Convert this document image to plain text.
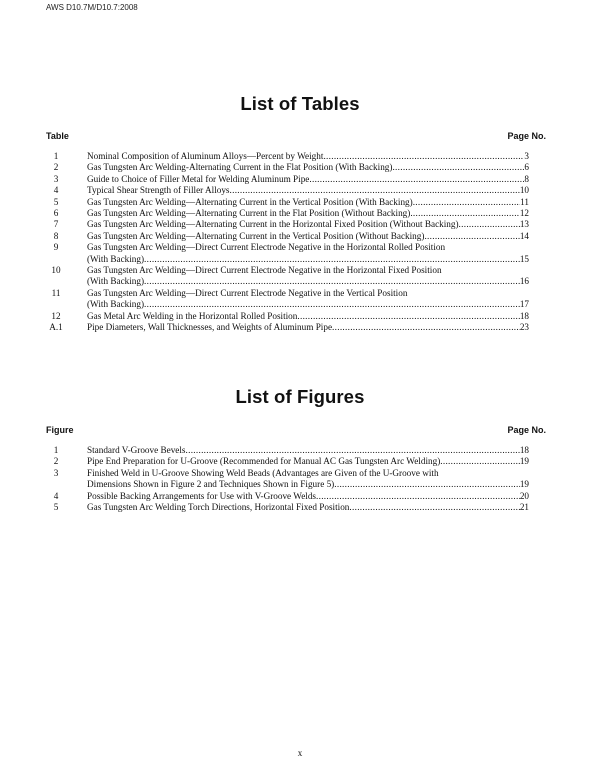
AWS D10.7M/D10.7:2008
List of Tables
Table	Page No.
1	Nominal Composition of Aluminum Alloys—Percent by Weight .....	3
2	Gas Tungsten Arc Welding-Alternating Current in the Flat Position (With Backing) .....	6
3	Guide to Choice of Filler Metal for Welding Aluminum Pipe .....	8
4	Typical Shear Strength of Filler Alloys .....	10
5	Gas Tungsten Arc Welding—Alternating Current in the Vertical Position (With Backing) .....	11
6	Gas Tungsten Arc Welding—Alternating Current in the Flat Position (Without Backing) .....	12
7	Gas Tungsten Arc Welding—Alternating Current in the Horizontal Fixed Position (Without Backing) .....	13
8	Gas Tungsten Arc Welding—Alternating Current in the Vertical Position (Without Backing) .....	14
9	Gas Tungsten Arc Welding—Direct Current Electrode Negative in the Horizontal Rolled Position
(With Backing) .....	15
10	Gas Tungsten Arc Welding—Direct Current Electrode Negative in the Horizontal Fixed Position
(With Backing) .....	16
11	Gas Tungsten Arc Welding—Direct Current Electrode Negative in the Vertical Position
(With Backing) .....	17
12	Gas Metal Arc Welding in the Horizontal Rolled Position .....	18
A.1	Pipe Diameters, Wall Thicknesses, and Weights of Aluminum Pipe .....	23
List of Figures
Figure	Page No.
1	Standard V-Groove Bevels .....	18
2	Pipe End Preparation for U-Groove (Recommended for Manual AC Gas Tungsten Arc Welding) .....	19
3	Finished Weld in U-Groove Showing Weld Beads (Advantages are Given of the U-Groove with
Dimensions Shown in Figure 2 and Techniques Shown in Figure 5) .....	19
4	Possible Backing Arrangements for Use with V-Groove Welds .....	20
5	Gas Tungsten Arc Welding Torch Directions, Horizontal Fixed Position .....	21
x
